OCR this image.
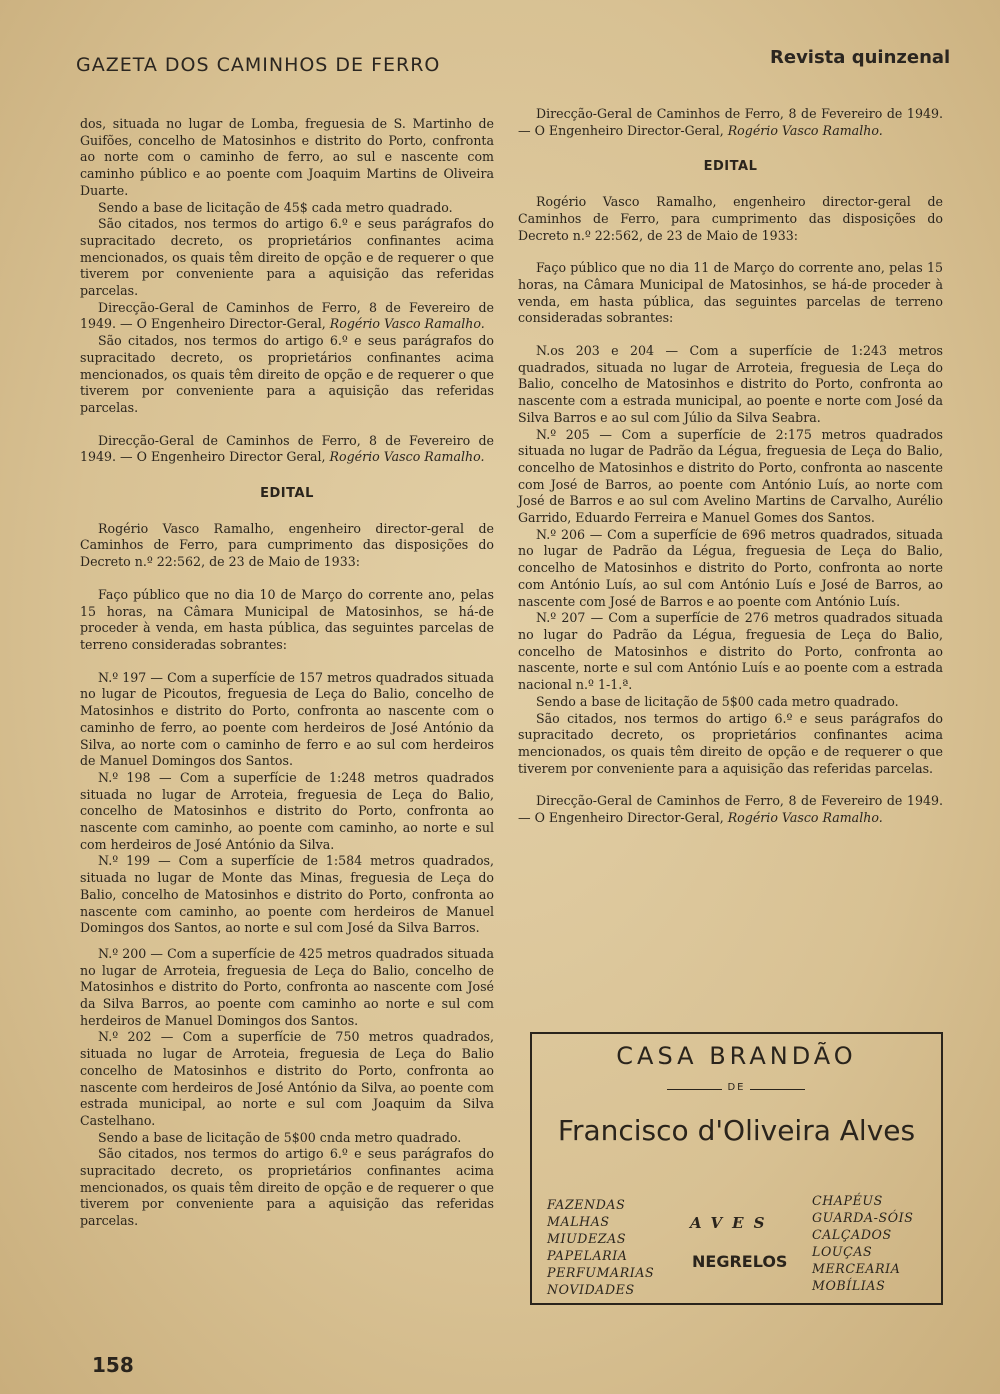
GAZETA DOS CAMINHOS DE FERRO	Revista quinzenal

dos, situada no lugar de Lomba, freguesia de S. Martinho de Guifões, concelho de Matosinhos e distrito do Porto, confronta ao norte com o caminho de ferro, ao sul e nascente com caminho público e ao poente com Joaquim Martins de Oliveira Duarte.

Sendo a base de licitação de 45$ cada metro quadrado.

São citados, nos termos do artigo 6.º e seus parágrafos do supracitado decreto, os proprietários confinantes acima mencionados, os quais têm direito de opção e de requerer o que tiverem por conveniente para a aquisição das referidas parcelas.

Direcção-Geral de Caminhos de Ferro, 8 de Fevereiro de 1949. — O Engenheiro Director-Geral, Rogério Vasco Ramalho.

São citados, nos termos do artigo 6.º e seus parágrafos do supracitado decreto, os proprietários confinantes acima mencionados, os quais têm direito de opção e de requerer o que tiverem por conveniente para a aquisição das referidas parcelas.

Direcção-Geral de Caminhos de Ferro, 8 de Fevereiro de 1949. — O Engenheiro Director Geral, Rogério Vasco Ramalho.

EDITAL

Rogério Vasco Ramalho, engenheiro director-geral de Caminhos de Ferro, para cumprimento das disposições do Decreto n.º 22:562, de 23 de Maio de 1933:

Faço público que no dia 10 de Março do corrente ano, pelas 15 horas, na Câmara Municipal de Matosinhos, se há-de proceder à venda, em hasta pública, das seguintes parcelas de terreno consideradas sobrantes:

N.º 197 — Com a superfície de 157 metros quadrados situada no lugar de Picoutos, freguesia de Leça do Balio, concelho de Matosinhos e distrito do Porto, confronta ao nascente com o caminho de ferro, ao poente com herdeiros de José António da Silva, ao norte com o caminho de ferro e ao sul com herdeiros de Manuel Domingos dos Santos.

N.º 198 — Com a superfície de 1:248 metros quadrados situada no lugar de Arroteia, freguesia de Leça do Balio, concelho de Matosinhos e distrito do Porto, confronta ao nascente com caminho, ao poente com caminho, ao norte e sul com herdeiros de José António da Silva.

N.º 199 — Com a superfície de 1:584 metros quadrados, situada no lugar de Monte das Minas, freguesia de Leça do Balio, concelho de Matosinhos e distrito do Porto, confronta ao nascente com caminho, ao poente com herdeiros de Manuel Domingos dos Santos, ao norte e sul com José da Silva Barros.

N.º 200 — Com a superfície de 425 metros quadrados situada no lugar de Arroteia, freguesia de Leça do Balio, concelho de Matosinhos e distrito do Porto, confronta ao nascente com José da Silva Barros, ao poente com caminho ao norte e sul com herdeiros de Manuel Domingos dos Santos.

N.º 202 — Com a superfície de 750 metros quadrados, situada no lugar de Arroteia, freguesia de Leça do Balio concelho de Matosinhos e distrito do Porto, confronta ao nascente com herdeiros de José António da Silva, ao poente com estrada municipal, ao norte e sul com Joaquim da Silva Castelhano.

Sendo a base de licitação de 5$00 cnda metro quadrado.

São citados, nos termos do artigo 6.º e seus parágrafos do supracitado decreto, os proprietários confinantes acima mencionados, os quais têm direito de opção e de requerer o que tiverem por conveniente para a aquisição das referidas parcelas.

Direcção-Geral de Caminhos de Ferro, 8 de Fevereiro de 1949. — O Engenheiro Director-Geral, Rogério Vasco Ramalho.

EDITAL

Rogério Vasco Ramalho, engenheiro director-geral de Caminhos de Ferro, para cumprimento das disposições do Decreto n.º 22:562, de 23 de Maio de 1933:

Faço público que no dia 11 de Março do corrente ano, pelas 15 horas, na Câmara Municipal de Matosinhos, se há-de proceder à venda, em hasta pública, das seguintes parcelas de terreno consideradas sobrantes:

N.os 203 e 204 — Com a superfície de 1:243 metros quadrados, situada no lugar de Arroteia, freguesia de Leça do Balio, concelho de Matosinhos e distrito do Porto, confronta ao nascente com a estrada municipal, ao poente e norte com José da Silva Barros e ao sul com Júlio da Silva Seabra.

N.º 205 — Com a superfície de 2:175 metros quadrados situada no lugar de Padrão da Légua, freguesia de Leça do Balio, concelho de Matosinhos e distrito do Porto, confronta ao nascente com José de Barros, ao poente com António Luís, ao norte com José de Barros e ao sul com Avelino Martins de Carvalho, Aurélio Garrido, Eduardo Ferreira e Manuel Gomes dos Santos.

N.º 206 — Com a superfície de 696 metros quadrados, situada no lugar de Padrão da Légua, freguesia de Leça do Balio, concelho de Matosinhos e distrito do Porto, confronta ao norte com António Luís, ao sul com António Luís e José de Barros, ao nascente com José de Barros e ao poente com António Luís.

N.º 207 — Com a superfície de 276 metros quadrados situada no lugar do Padrão da Légua, freguesia de Leça do Balio, concelho de Matosinhos e distrito do Porto, confronta ao nascente, norte e sul com António Luís e ao poente com a estrada nacional n.º 1-1.ª.

Sendo a base de licitação de 5$00 cada metro quadrado.

São citados, nos termos do artigo 6.º e seus parágrafos do supracitado decreto, os proprietários confinantes acima mencionados, os quais têm direito de opção e de requerer o que tiverem por conveniente para a aquisição das referidas parcelas.

Direcção-Geral de Caminhos de Ferro, 8 de Fevereiro de 1949. — O Engenheiro Director-Geral, Rogério Vasco Ramalho.

CASA BRANDÃO
DE
Francisco d'Oliveira Alves
FAZENDAS
MALHAS
MIUDEZAS
PAPELARIA
PERFUMARIAS
NOVIDADES
AVES
NEGRELOS
CHAPÉUS
GUARDA-SÓIS
CALÇADOS
LOUÇAS
MERCEARIA
MOBÍLIAS
158
